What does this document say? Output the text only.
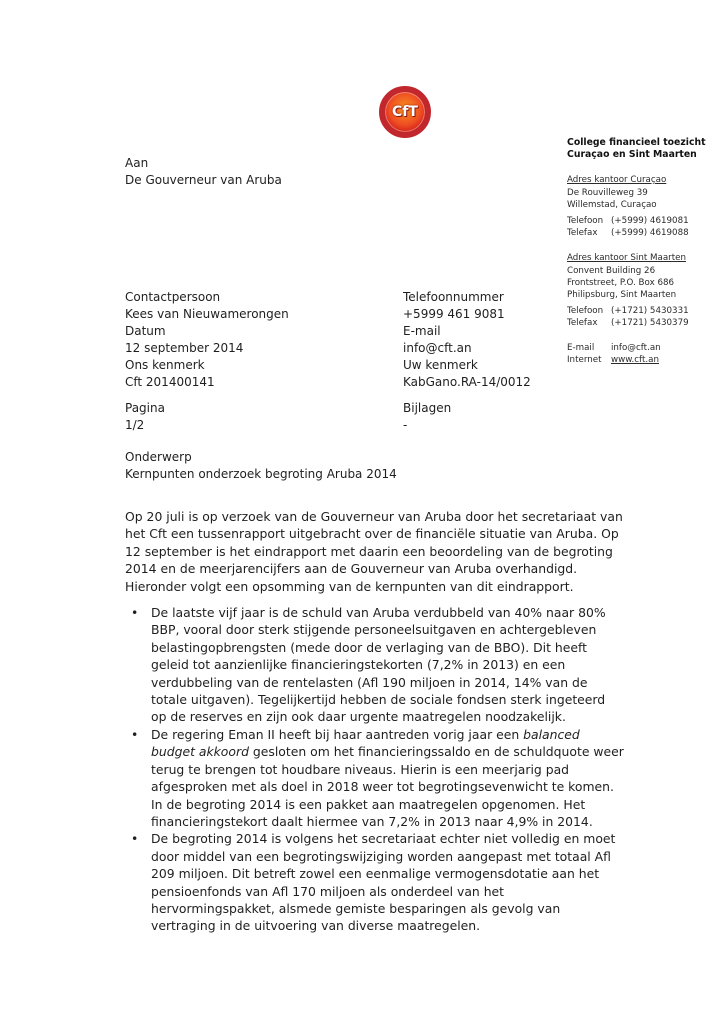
CfT
Aan
De Gouverneur van Aruba
College financieel toezicht
Curaçao en Sint Maarten
Adres kantoor Curaçao
De Rouvilleweg 39
Willemstad, Curaçao
Telefoon (+5999) 4619081
Telefax	(+5999) 4619088
Adres kantoor Sint Maarten
Convent Building 26
Frontstreet, P.O. Box 686
Philipsburg, Sint Maarten
Telefoon (+1721) 5430331
Telefax	(+1721) 5430379
E-mail	info@cft.an
Internet	www.cft.an
Contactpersoon
Kees van Nieuwamerongen
Datum
12 september 2014
Ons kenmerk
Cft 201400141
Telefoonnummer
+5999 461 9081
E-mail
info@cft.an
Uw kenmerk
KabGano.RA-14/0012
Pagina
1/2
Bijlagen
-
Onderwerp
Kernpunten onderzoek begroting Aruba 2014

Op 20 juli is op verzoek van de Gouverneur van Aruba door het secretariaat van het Cft een tussenrapport uitgebracht over de financiële situatie van Aruba. Op 12 september is het eindrapport met daarin een beoordeling van de begroting 2014 en de meerjarencijfers aan de Gouverneur van Aruba overhandigd. Hieronder volgt een opsomming van de kernpunten van dit eindrapport.

• De laatste vijf jaar is de schuld van Aruba verdubbeld van 40% naar 80% BBP, vooral door sterk stijgende personeelsuitgaven en achtergebleven belastingopbrengsten (mede door de verlaging van de BBO). Dit heeft geleid tot aanzienlijke financieringstekorten (7,2% in 2013) en een verdubbeling van de rentelasten (Afl 190 miljoen in 2014, 14% van de totale uitgaven). Tegelijkertijd hebben de sociale fondsen sterk ingeteerd op de reserves en zijn ook daar urgente maatregelen noodzakelijk.
• De regering Eman II heeft bij haar aantreden vorig jaar een balanced budget akkoord gesloten om het financieringssaldo en de schuldquote weer terug te brengen tot houdbare niveaus. Hierin is een meerjarig pad afgesproken met als doel in 2018 weer tot begrotingsevenwicht te komen. In de begroting 2014 is een pakket aan maatregelen opgenomen. Het financieringstekort daalt hiermee van 7,2% in 2013 naar 4,9% in 2014.
• De begroting 2014 is volgens het secretariaat echter niet volledig en moet door middel van een begrotingswijziging worden aangepast met totaal Afl 209 miljoen. Dit betreft zowel een eenmalige vermogensdotatie aan het pensioenfonds van Afl 170 miljoen als onderdeel van het hervormingspakket, alsmede gemiste besparingen als gevolg van vertraging in de uitvoering van diverse maatregelen.
